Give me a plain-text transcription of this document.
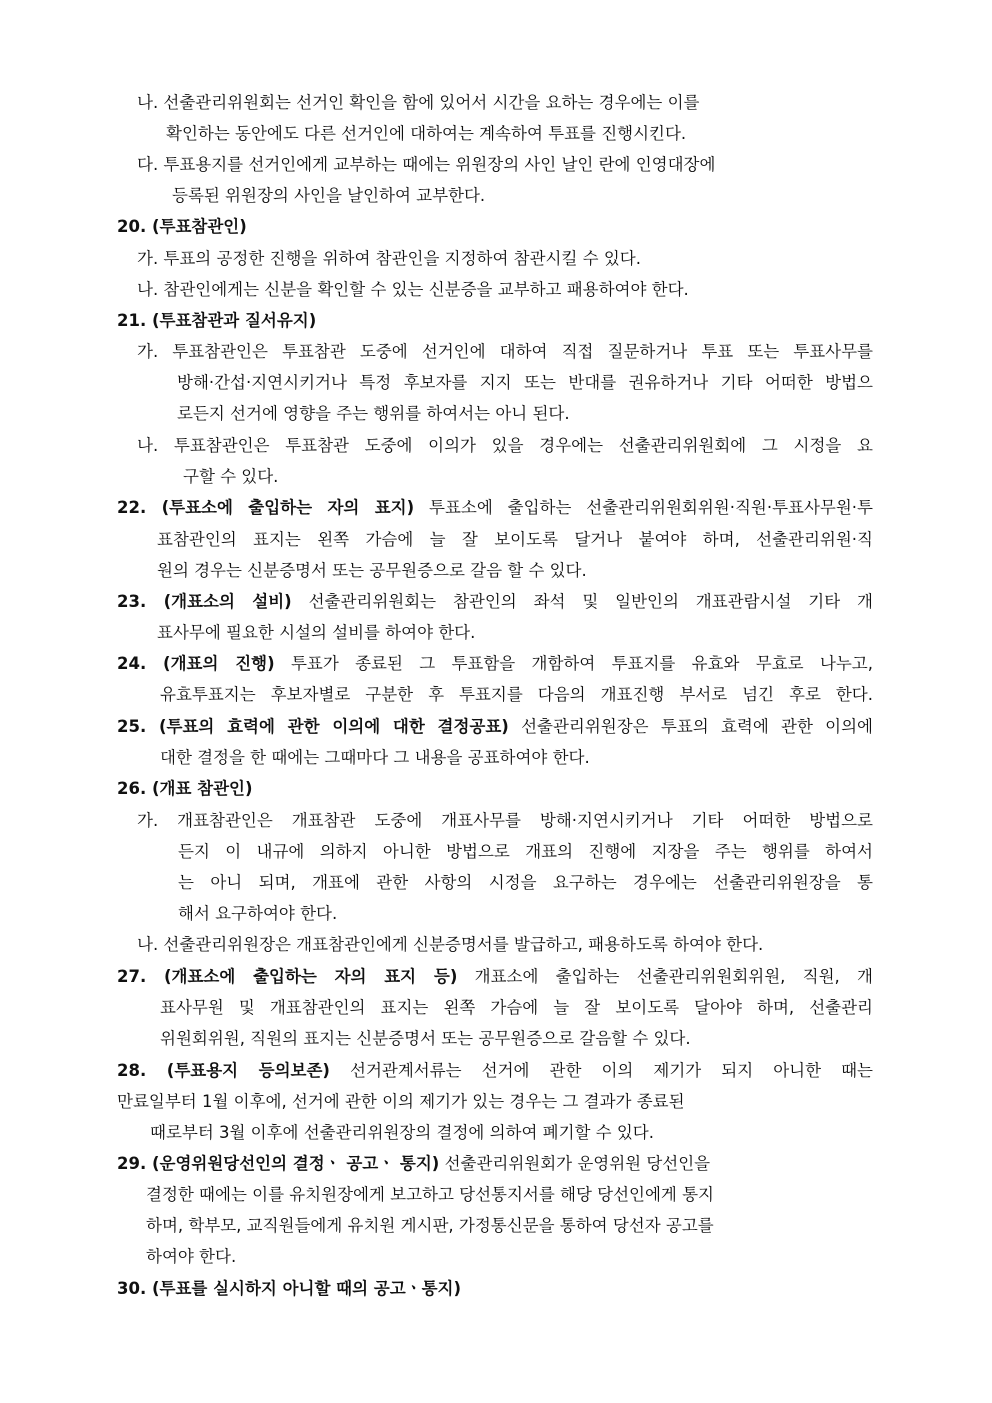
나. 선출관리위원회는 선거인 확인을 함에 있어서 시간을 요하는 경우에는 이를
확인하는 동안에도 다른 선거인에 대하여는 계속하여 투표를 진행시킨다.
다. 투표용지를 선거인에게 교부하는 때에는 위원장의 사인 날인 란에 인영대장에
등록된 위원장의 사인을 날인하여 교부한다.
20. (투표참관인)
가. 투표의 공정한 진행을 위하여 참관인을 지정하여 참관시킬 수 있다.
나. 참관인에게는 신분을 확인할 수 있는 신분증을 교부하고 패용하여야 한다.
21. (투표참관과 질서유지)
가. 투표참관인은 투표참관 도중에 선거인에 대하여 직접 질문하거나 투표 또는 투표사무를
방해·간섭·지연시키거나 특정 후보자를 지지 또는 반대를 권유하거나 기타 어떠한 방법으
로든지 선거에 영향을 주는 행위를 하여서는 아니 된다.
나. 투표참관인은 투표참관 도중에 이의가 있을 경우에는 선출관리위원회에 그 시정을 요
구할 수 있다.
22. (투표소에 출입하는 자의 표지) 투표소에 출입하는 선출관리위원회위원·직원·투표사무원·투
표참관인의 표지는 왼쪽 가슴에 늘 잘 보이도록 달거나 붙여야 하며, 선출관리위원·직
원의 경우는 신분증명서 또는 공무원증으로 갈음 할 수 있다.
23. (개표소의 설비) 선출관리위원회는 참관인의 좌석 및 일반인의 개표관람시설 기타 개
표사무에 필요한 시설의 설비를 하여야 한다.
24. (개표의 진행) 투표가 종료된 그 투표함을 개함하여 투표지를 유효와 무효로 나누고,
유효투표지는 후보자별로 구분한 후 투표지를 다음의 개표진행 부서로 넘긴 후로 한다.
25. (투표의 효력에 관한 이의에 대한 결정공표) 선출관리위원장은 투표의 효력에 관한 이의에
대한 결정을 한 때에는 그때마다 그 내용을 공표하여야 한다.
26. (개표 참관인)
가. 개표참관인은 개표참관 도중에 개표사무를 방해·지연시키거나 기타 어떠한 방법으로
든지 이 내규에 의하지 아니한 방법으로 개표의 진행에 지장을 주는 행위를 하여서
는 아니 되며, 개표에 관한 사항의 시정을 요구하는 경우에는 선출관리위원장을 통
해서 요구하여야 한다.
나. 선출관리위원장은 개표참관인에게 신분증명서를 발급하고, 패용하도록 하여야 한다.
27. (개표소에 출입하는 자의 표지 등) 개표소에 출입하는 선출관리위원회위원, 직원, 개
표사무원 및 개표참관인의 표지는 왼쪽 가슴에 늘 잘 보이도록 달아야 하며, 선출관리
위원회위원, 직원의 표지는 신분증명서 또는 공무원증으로 갈음할 수 있다.
28. (투표용지 등의보존) 선거관계서류는 선거에 관한 이의 제기가 되지 아니한 때는
만료일부터 1월 이후에, 선거에 관한 이의 제기가 있는 경우는 그 결과가 종료된
때로부터 3월 이후에 선출관리위원장의 결정에 의하여 폐기할 수 있다.
29. (운영위원당선인의 결정ㆍ 공고ㆍ 통지) 선출관리위원회가 운영위원 당선인을
결정한 때에는 이를 유치원장에게 보고하고 당선통지서를 해당 당선인에게 통지
하며, 학부모, 교직원들에게 유치원 게시판, 가정통신문을 통하여 당선자 공고를
하여야 한다.
30. (투표를 실시하지 아니할 때의 공고ㆍ통지)
